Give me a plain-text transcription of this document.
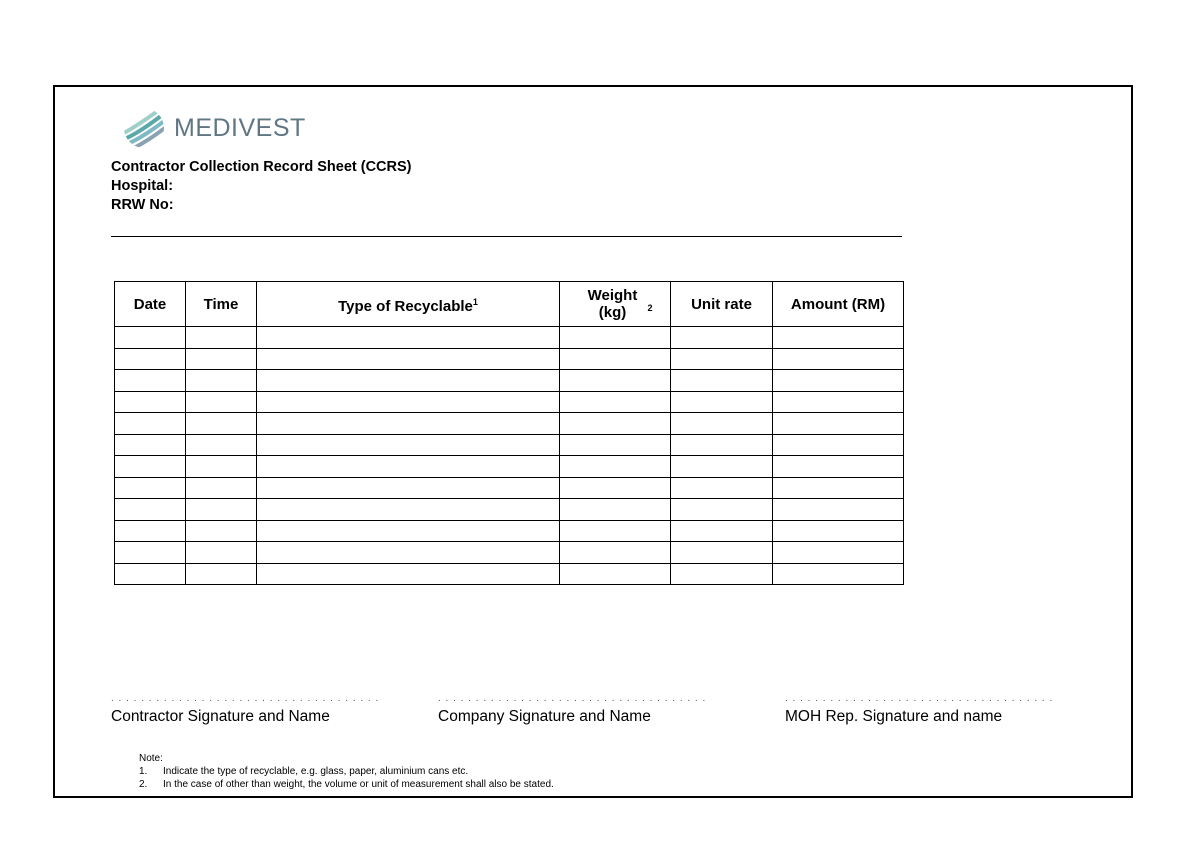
MEDIVEST
Contractor Collection Record Sheet (CCRS)
Hospital:
RRW No:
Date	Time	Type of Recyclable$^1$	Weight (kg) $^2$	Unit rate	Amount (RM)

. . . . . . . . . . . . . . . . . . . . . . . . . . . . . . . . . . . .
Contractor Signature and Name
. . . . . . . . . . . . . . . . . . . . . . . . . . . . . . . . . . . .
Company Signature and Name
. . . . . . . . . . . . . . . . . . . . . . . . . . . . . . . . . . . .
MOH Rep. Signature and name
Note:
1.	Indicate the type of recyclable, e.g. glass, paper, aluminium cans etc.
2.	In the case of other than weight, the volume or unit of measurement shall also be stated.
